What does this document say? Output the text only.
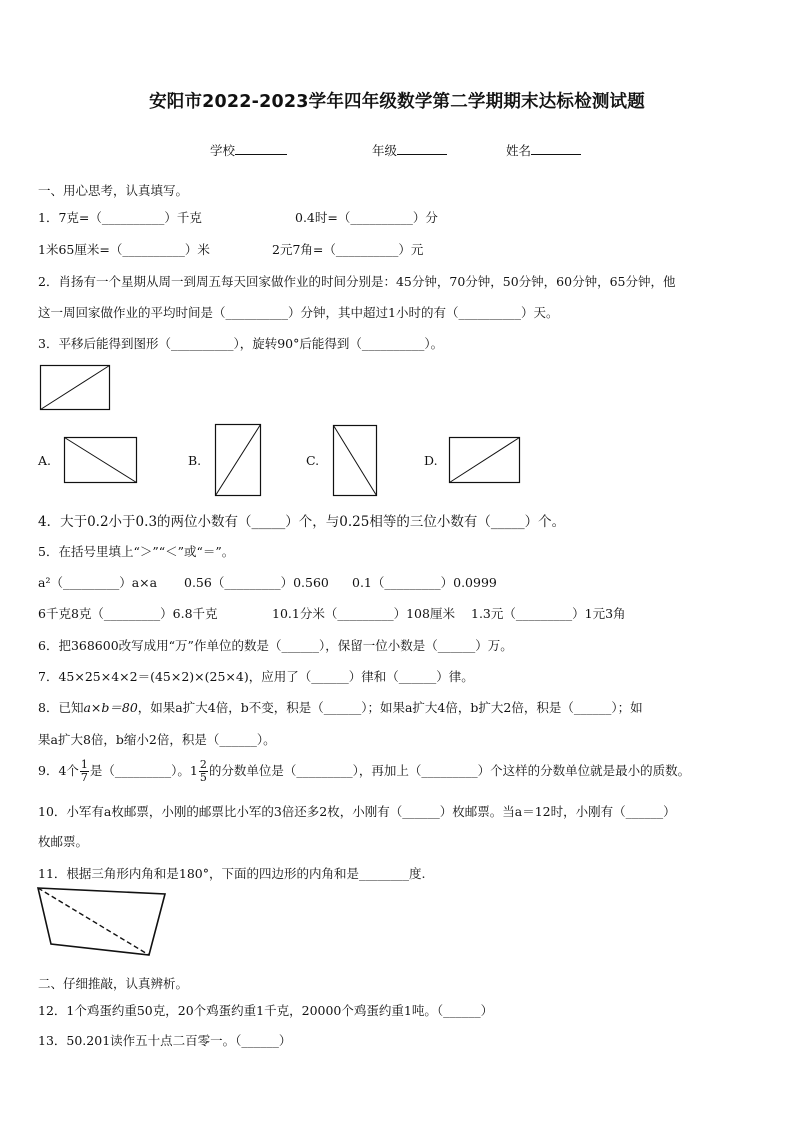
安阳市2022-2023学年四年级数学第二学期期末达标检测试题
学校	年级	姓名
一、用心思考，认真填写。
1．7克=（__________）千克	0.4时=（__________）分
1米65厘米=（__________）米	2元7角=（__________）元
2．肖扬有一个星期从周一到周五每天回家做作业的时间分别是：45分钟，70分钟，50分钟，60分钟，65分钟，他
这一周回家做作业的平均时间是（__________）分钟，其中超过1小时的有（__________）天。
3．平移后能得到图形（__________），旋转90°后能得到（__________）。
A.	B.	C.	D.
4．大于0.2小于0.3的两位小数有（_____）个，与0.25相等的三位小数有（_____）个。
5．在括号里填上“＞”“＜”或“＝”。
a²（_________）a×a 0.56（_________）0.560 0.1（_________）0.0999
6千克8克（_________）6.8千克	10.1分米（_________）108厘米 1.3元（_________）1元3角
6．把368600改写成用“万”作单位的数是（______），保留一位小数是（______）万。
7．45×25×4×2＝(45×2)×(25×4)，应用了（______）律和（______）律。
8．已知a×b＝80，如果a扩大4倍，b不变，积是（______）；如果a扩大4倍，b扩大2倍，积是（______）；如
果a扩大8倍，b缩小2倍，积是（______）。
9．4个 $\frac{1}{7}$ 是（_________）。$1 \frac{2}{5}$ 的分数单位是（_________），再加上（_________）个这样的分数单位就是最小的质数。
10．小军有a枚邮票，小刚的邮票比小军的3倍还多2枚，小刚有（______）枚邮票。当a＝12时，小刚有（______）
枚邮票。
11．根据三角形内角和是180°，下面的四边形的内角和是________度.
二、仔细推敲，认真辨析。
12．1个鸡蛋约重50克，20个鸡蛋约重1千克，20000个鸡蛋约重1吨。（______）
13．50.201读作五十点二百零一。（______）
